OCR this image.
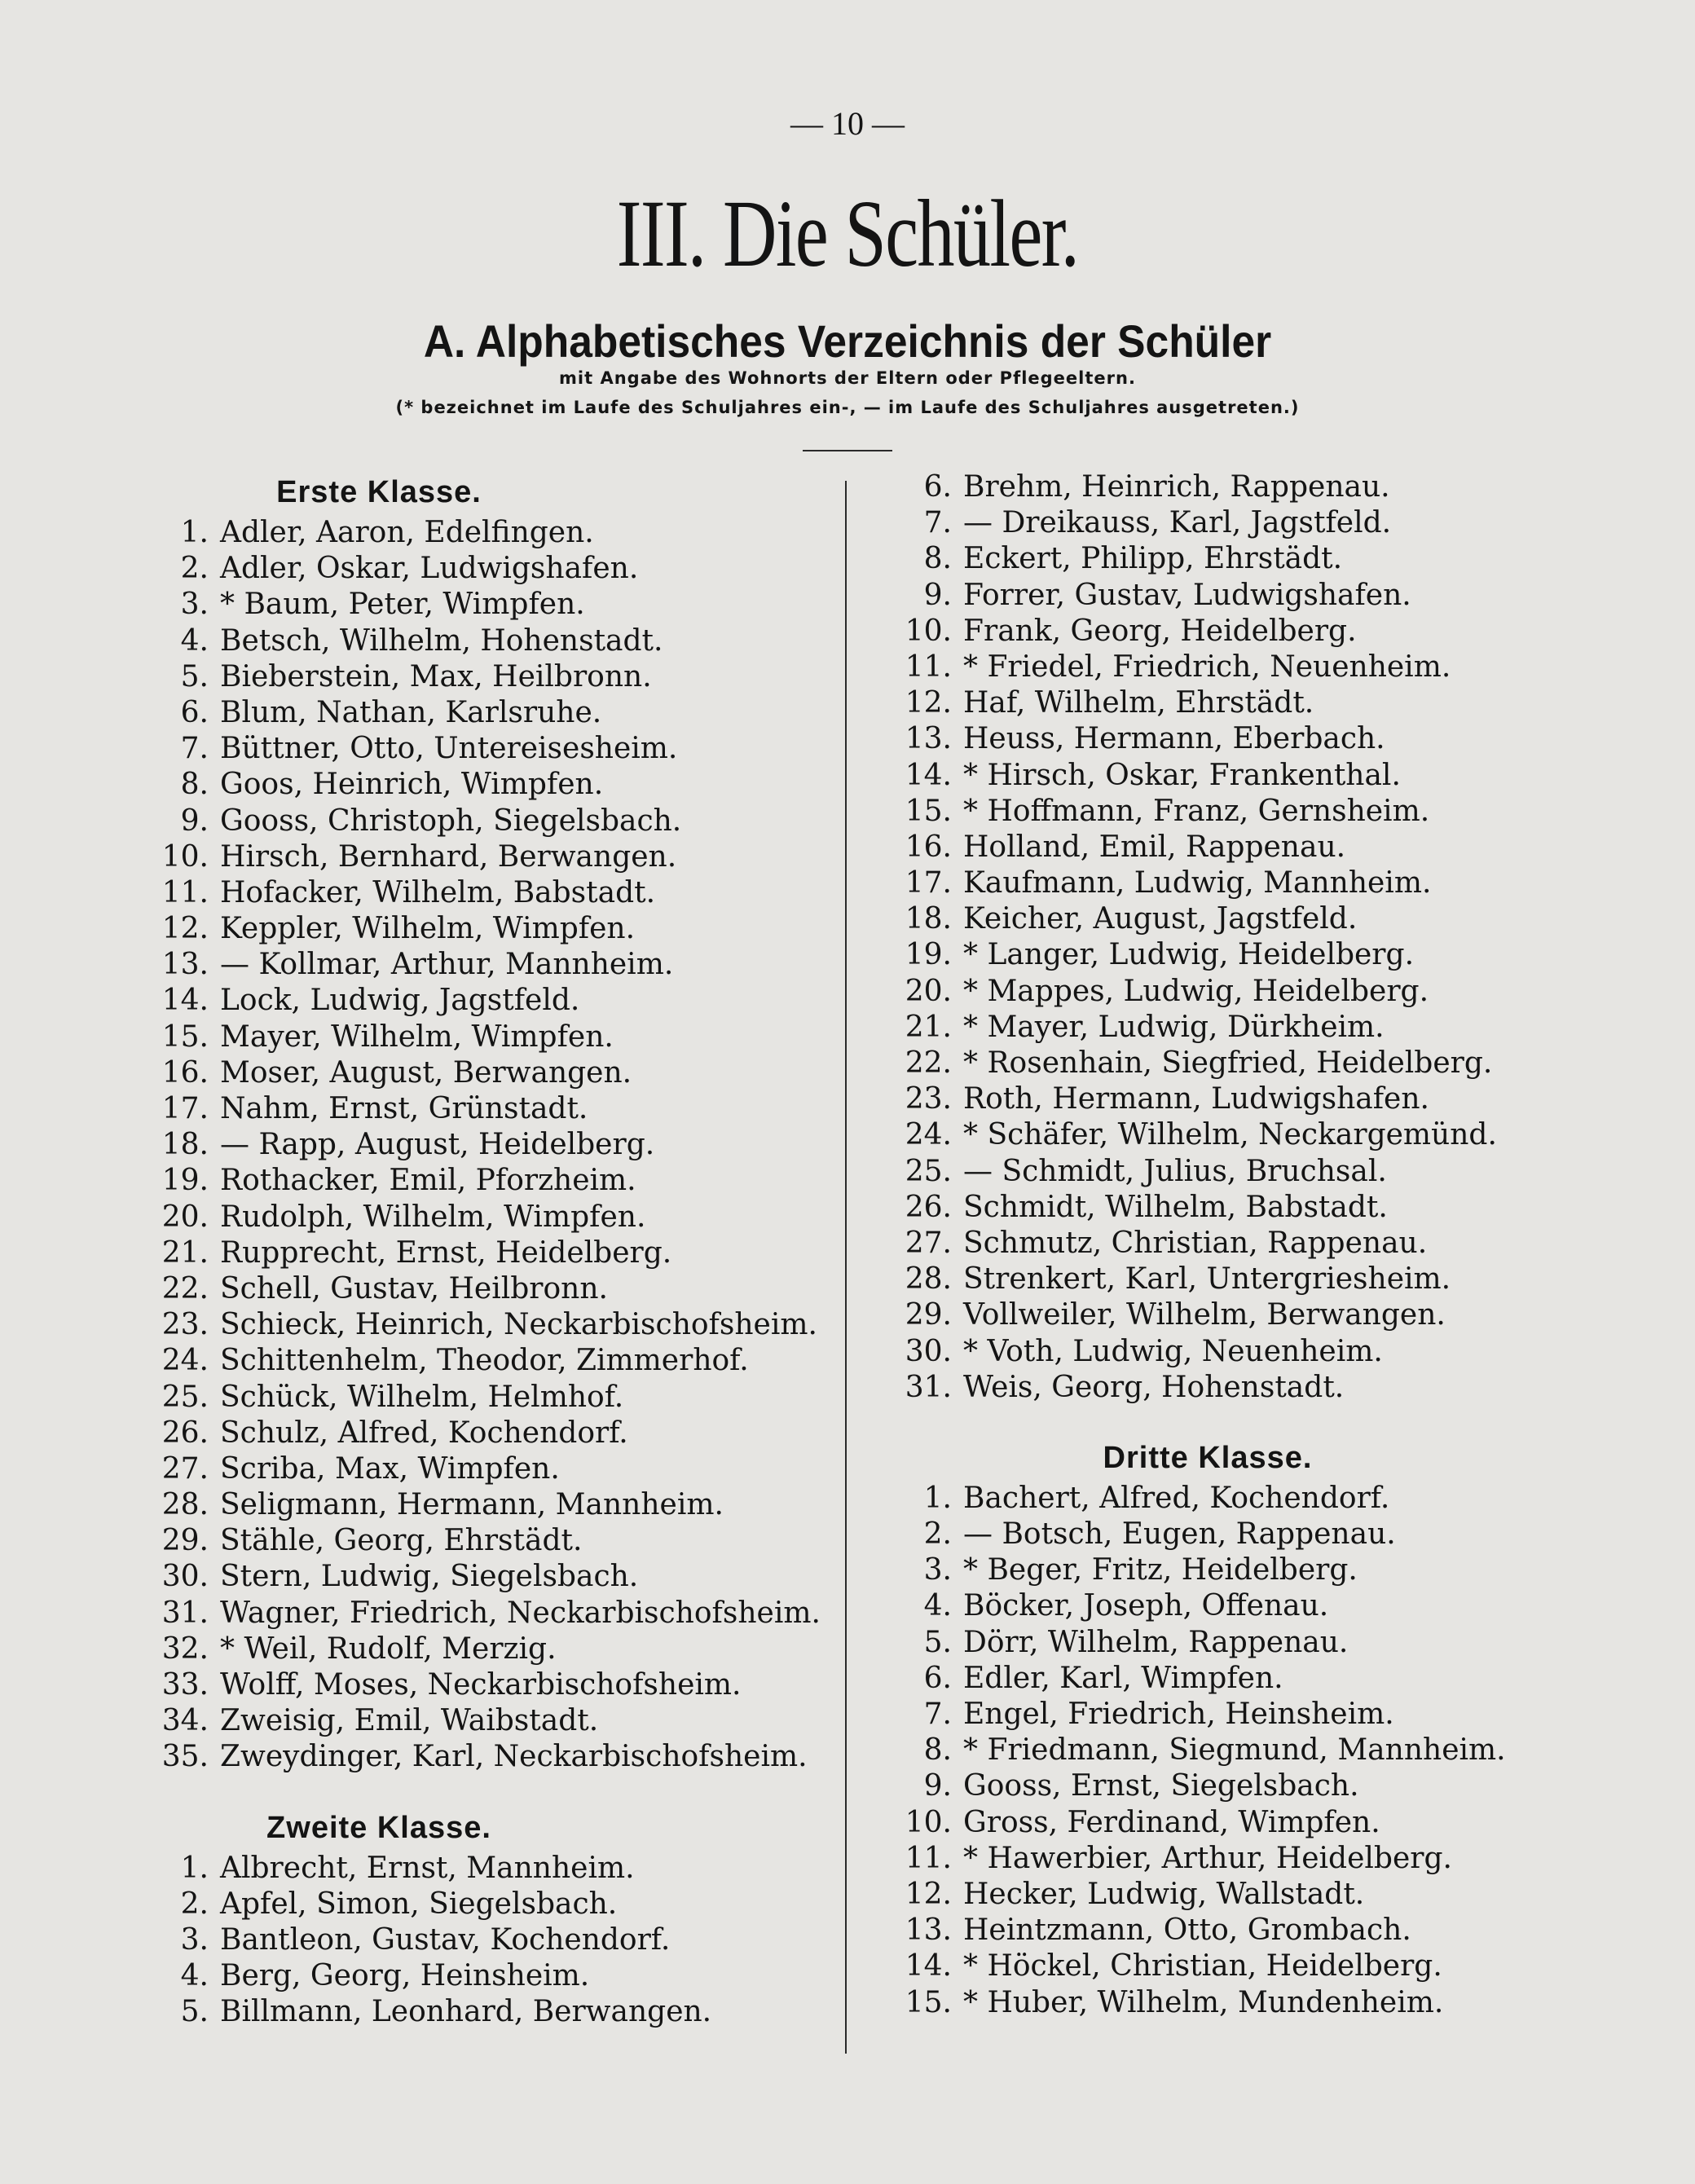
— 10 —
III. Die Schüler.
A. Alphabetisches Verzeichnis der Schüler
mit Angabe des Wohnorts der Eltern oder Pflegeeltern.
(* bezeichnet im Laufe des Schuljahres ein-, — im Laufe des Schuljahres ausgetreten.)
Erste Klasse.
1. Adler, Aaron, Edelfingen.
2. Adler, Oskar, Ludwigshafen.
3. * Baum, Peter, Wimpfen.
4. Betsch, Wilhelm, Hohenstadt.
5. Bieberstein, Max, Heilbronn.
6. Blum, Nathan, Karlsruhe.
7. Büttner, Otto, Untereisesheim.
8. Goos, Heinrich, Wimpfen.
9. Gooss, Christoph, Siegelsbach.
10. Hirsch, Bernhard, Berwangen.
11. Hofacker, Wilhelm, Babstadt.
12. Keppler, Wilhelm, Wimpfen.
13. — Kollmar, Arthur, Mannheim.
14. Lock, Ludwig, Jagstfeld.
15. Mayer, Wilhelm, Wimpfen.
16. Moser, August, Berwangen.
17. Nahm, Ernst, Grünstadt.
18. — Rapp, August, Heidelberg.
19. Rothacker, Emil, Pforzheim.
20. Rudolph, Wilhelm, Wimpfen.
21. Rupprecht, Ernst, Heidelberg.
22. Schell, Gustav, Heilbronn.
23. Schieck, Heinrich, Neckarbischofsheim.
24. Schittenhelm, Theodor, Zimmerhof.
25. Schück, Wilhelm, Helmhof.
26. Schulz, Alfred, Kochendorf.
27. Scriba, Max, Wimpfen.
28. Seligmann, Hermann, Mannheim.
29. Stähle, Georg, Ehrstädt.
30. Stern, Ludwig, Siegelsbach.
31. Wagner, Friedrich, Neckarbischofsheim.
32. * Weil, Rudolf, Merzig.
33. Wolff, Moses, Neckarbischofsheim.
34. Zweisig, Emil, Waibstadt.
35. Zweydinger, Karl, Neckarbischofsheim.
Zweite Klasse.
1. Albrecht, Ernst, Mannheim.
2. Apfel, Simon, Siegelsbach.
3. Bantleon, Gustav, Kochendorf.
4. Berg, Georg, Heinsheim.
5. Billmann, Leonhard, Berwangen.
6. Brehm, Heinrich, Rappenau.
7. — Dreikauss, Karl, Jagstfeld.
8. Eckert, Philipp, Ehrstädt.
9. Forrer, Gustav, Ludwigshafen.
10. Frank, Georg, Heidelberg.
11. * Friedel, Friedrich, Neuenheim.
12. Haf, Wilhelm, Ehrstädt.
13. Heuss, Hermann, Eberbach.
14. * Hirsch, Oskar, Frankenthal.
15. * Hoffmann, Franz, Gernsheim.
16. Holland, Emil, Rappenau.
17. Kaufmann, Ludwig, Mannheim.
18. Keicher, August, Jagstfeld.
19. * Langer, Ludwig, Heidelberg.
20. * Mappes, Ludwig, Heidelberg.
21. * Mayer, Ludwig, Dürkheim.
22. * Rosenhain, Siegfried, Heidelberg.
23. Roth, Hermann, Ludwigshafen.
24. * Schäfer, Wilhelm, Neckargemünd.
25. — Schmidt, Julius, Bruchsal.
26. Schmidt, Wilhelm, Babstadt.
27. Schmutz, Christian, Rappenau.
28. Strenkert, Karl, Untergriesheim.
29. Vollweiler, Wilhelm, Berwangen.
30. * Voth, Ludwig, Neuenheim.
31. Weis, Georg, Hohenstadt.
Dritte Klasse.
1. Bachert, Alfred, Kochendorf.
2. — Botsch, Eugen, Rappenau.
3. * Beger, Fritz, Heidelberg.
4. Böcker, Joseph, Offenau.
5. Dörr, Wilhelm, Rappenau.
6. Edler, Karl, Wimpfen.
7. Engel, Friedrich, Heinsheim.
8. * Friedmann, Siegmund, Mannheim.
9. Gooss, Ernst, Siegelsbach.
10. Gross, Ferdinand, Wimpfen.
11. * Hawerbier, Arthur, Heidelberg.
12. Hecker, Ludwig, Wallstadt.
13. Heintzmann, Otto, Grombach.
14. * Höckel, Christian, Heidelberg.
15. * Huber, Wilhelm, Mundenheim.
